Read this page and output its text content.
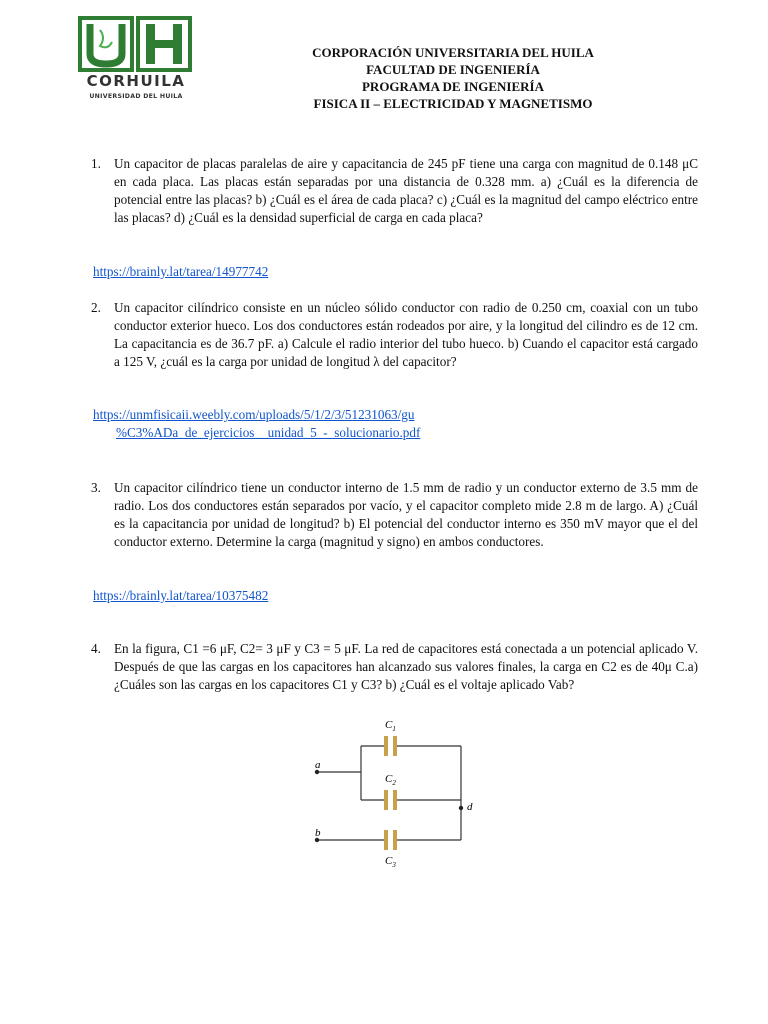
CORHUILA
UNIVERSIDAD DEL HUILA
CORPORACIÓN UNIVERSITARIA DEL HUILA
FACULTAD DE INGENIERÍA
PROGRAMA DE INGENIERÍA
FISICA II – ELECTRICIDAD Y MAGNETISMO
1. Un capacitor de placas paralelas de aire y capacitancia de 245 pF tiene una carga con magnitud de 0.148 μC en cada placa. Las placas están separadas por una distancia de 0.328 mm. a) ¿Cuál es la diferencia de potencial entre las placas? b) ¿Cuál es el área de cada placa? c) ¿Cuál es la magnitud del campo eléctrico entre las placas? d) ¿Cuál es la densidad superficial de carga en cada placa?
https://brainly.lat/tarea/14977742
2. Un capacitor cilíndrico consiste en un núcleo sólido conductor con radio de 0.250 cm, coaxial con un tubo conductor exterior hueco. Los dos conductores están rodeados por aire, y la longitud del cilindro es de 12 cm. La capacitancia es de 36.7 pF. a) Calcule el radio interior del tubo hueco. b) Cuando el capacitor está cargado a 125 V, ¿cuál es la carga por unidad de longitud λ del capacitor?
https://unmfisicaii.weebly.com/uploads/5/1/2/3/51231063/gu
%C3%ADa_de_ejercicios__unidad_5_-_solucionario.pdf
3. Un capacitor cilíndrico tiene un conductor interno de 1.5 mm de radio y un conductor externo de 3.5 mm de radio. Los dos conductores están separados por vacío, y el capacitor completo mide 2.8 m de largo. A) ¿Cuál es la capacitancia por unidad de longitud? b) El potencial del conductor interno es 350 mV mayor que el del conductor externo. Determine la carga (magnitud y signo) en ambos conductores.
https://brainly.lat/tarea/10375482
4. En la figura, C1 =6 μF, C2= 3 μF y C3 = 5 μF. La red de capacitores está conectada a un potencial aplicado V. Después de que las cargas en los capacitores han alcanzado sus valores finales, la carga en C2 es de 40μ C.a) ¿Cuáles son las cargas en los capacitores C1 y C3? b) ¿Cuál es el voltaje aplicado Vab?
a
b
d
$C_1$
$C_2$
$C_3$
